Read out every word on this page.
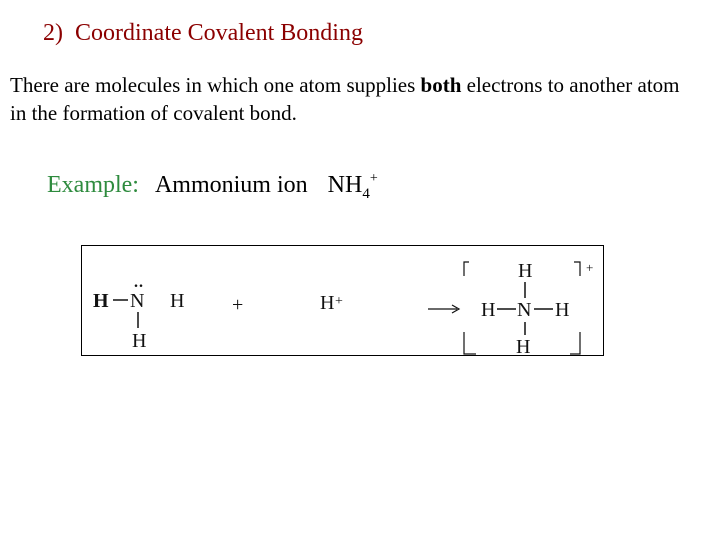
2) Coordinate Covalent Bonding
There are molecules in which one atom supplies both electrons to another atom in the formation of covalent bond.
Example: Ammonium ion $NH_4^+$
H N
..
H
H
+	H +
+
H
H N H
H
